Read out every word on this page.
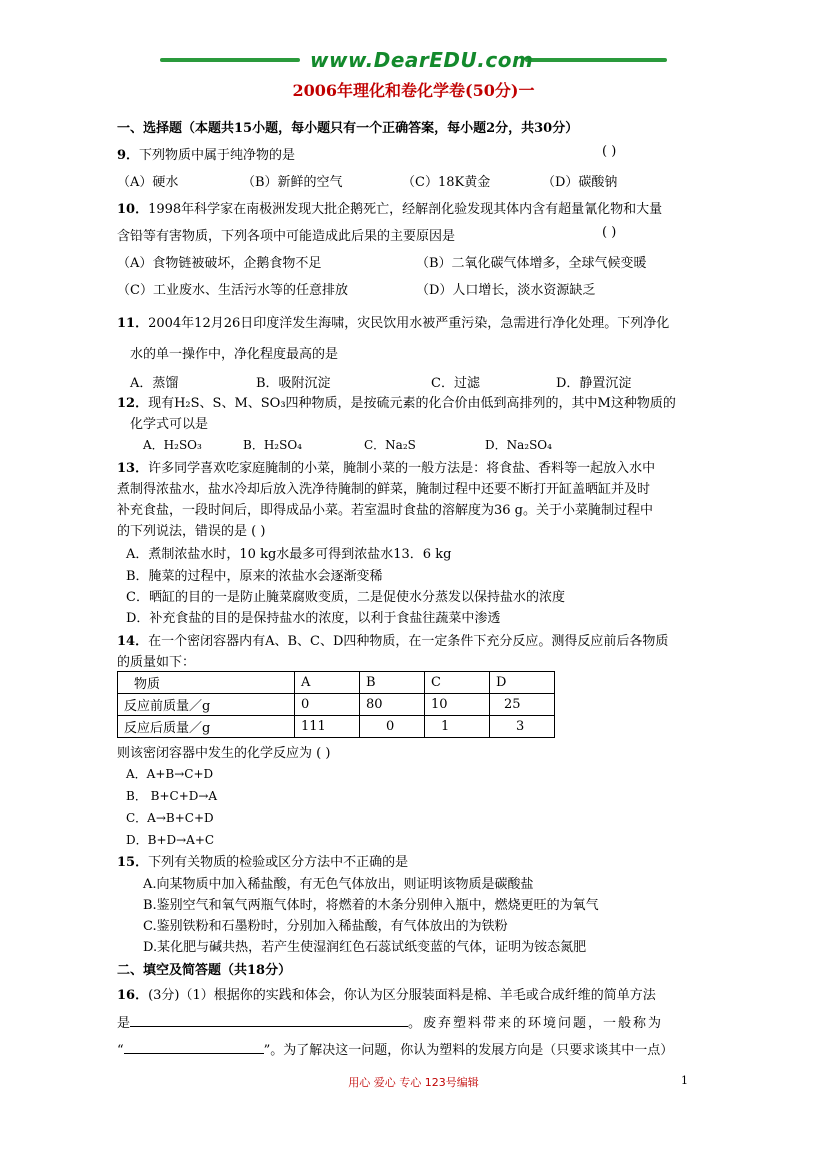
www.DearEDU.com
2006年理化和卷化学卷(50分)一
一、选择题（本题共15小题，每小题只有一个正确答案，每小题2分，共30分）
9．下列物质中属于纯净物的是	( )
（A）硬水	（B）新鲜的空气	（C）18K黄金	（D）碳酸钠
10．1998年科学家在南极洲发现大批企鹅死亡，经解剖化验发现其体内含有超量氰化物和大量
含铅等有害物质，下列各项中可能造成此后果的主要原因是	( )
（A）食物链被破坏，企鹅食物不足	（B）二氧化碳气体增多，全球气候变暖
（C）工业废水、生活污水等的任意排放	（D）人口增长，淡水资源缺乏
11．2004年12月26日印度洋发生海啸，灾民饮用水被严重污染，急需进行净化处理。下列净化
水的单一操作中，净化程度最高的是
A．蒸馏	B．吸附沉淀	C．过滤	D．静置沉淀
12．现有H₂S、S、M、SO₃四种物质，是按硫元素的化合价由低到高排列的，其中M这种物质的
化学式可以是
A．H₂SO₃	B．H₂SO₄	C．Na₂S	D．Na₂SO₄
13．许多同学喜欢吃家庭腌制的小菜，腌制小菜的一般方法是：将食盐、香料等一起放入水中
煮制得浓盐水，盐水冷却后放入洗净待腌制的鲜菜，腌制过程中还要不断打开缸盖晒缸并及时
补充食盐，一段时间后，即得成品小菜。若室温时食盐的溶解度为36 g。关于小菜腌制过程中
的下列说法，错误的是 ( )
A．煮制浓盐水时，10 kg水最多可得到浓盐水13．6 kg
B．腌菜的过程中，原来的浓盐水会逐渐变稀
C．晒缸的目的一是防止腌菜腐败变质，二是促使水分蒸发以保持盐水的浓度
D．补充食盐的目的是保持盐水的浓度，以利于食盐往蔬菜中渗透
14．在一个密闭容器内有A、B、C、D四种物质，在一定条件下充分反应。测得反应前后各物质
的质量如下：
物质	A	B	C	D
反应前质量／g	0	80	10	25
反应后质量／g	111	0	1	3
则该密闭容器中发生的化学反应为 ( )
A．A+B→C+D
B． B+C+D→A
C．A→B+C+D
D．B+D→A+C
15．下列有关物质的检验或区分方法中不正确的是
A.向某物质中加入稀盐酸，有无色气体放出，则证明该物质是碳酸盐
B.鉴别空气和氧气两瓶气体时，将燃着的木条分别伸入瓶中，燃烧更旺的为氧气
C.鉴别铁粉和石墨粉时，分别加入稀盐酸，有气体放出的为铁粉
D.某化肥与碱共热，若产生使湿润红色石蕊试纸变蓝的气体，证明为铵态氮肥
二、填空及简答题（共18分）
16．(3分)（1）根据你的实践和体会，你认为区分服装面料是棉、羊毛或合成纤维的简单方法
是	。废弃塑料带来的环境问题，一般称为
“	”。为了解决这一问题，你认为塑料的发展方向是（只要求谈其中一点）
用心 爱心 专心 123号编辑	1
